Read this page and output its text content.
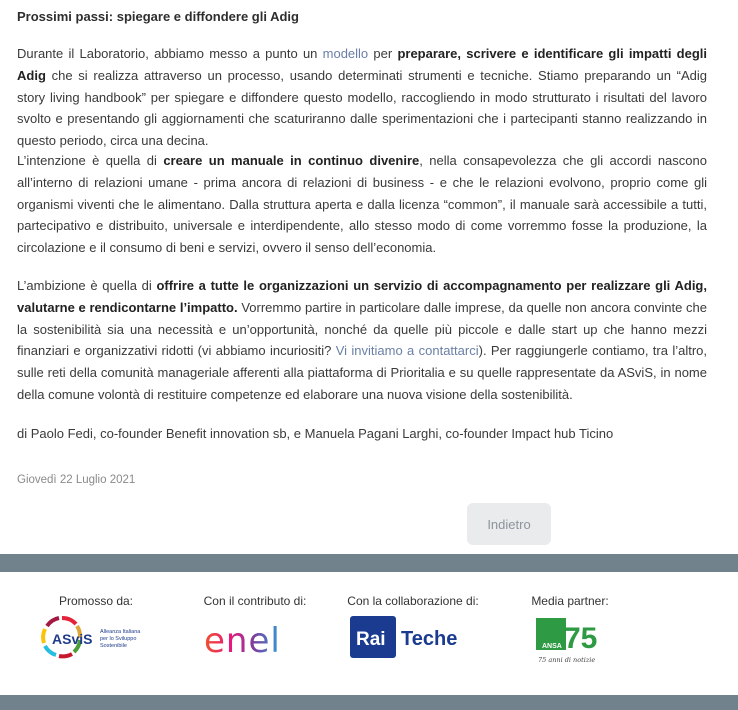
Prossimi passi: spiegare e diffondere gli Adig

Durante il Laboratorio, abbiamo messo a punto un modello per preparare, scrivere e identificare gli impatti degli Adig che si realizza attraverso un processo, usando determinati strumenti e tecniche. Stiamo preparando un “Adig story living handbook” per spiegare e diffondere questo modello, raccogliendo in modo strutturato i risultati del lavoro svolto e presentando gli aggiornamenti che scaturiranno dalle sperimentazioni che i partecipanti stanno realizzando in questo periodo, circa una decina.

L’intenzione è quella di creare un manuale in continuo divenire, nella consapevolezza che gli accordi nascono all’interno di relazioni umane - prima ancora di relazioni di business - e che le relazioni evolvono, proprio come gli organismi viventi che le alimentano. Dalla struttura aperta e dalla licenza “common”, il manuale sarà accessibile a tutti, partecipativo e distribuito, universale e interdipendente, allo stesso modo di come vorremmo fosse la produzione, la circolazione e il consumo di beni e servizi, ovvero il senso dell’economia.

L’ambizione è quella di offrire a tutte le organizzazioni un servizio di accompagnamento per realizzare gli Adig, valutarne e rendicontarne l’impatto. Vorremmo partire in particolare dalle imprese, da quelle non ancora convinte che la sostenibilità sia una necessità e un’opportunità, nonché da quelle più piccole e dalle start up che hanno mezzi finanziari e organizzativi ridotti (vi abbiamo incuriositi? Vi invitiamo a contattarci). Per raggiungerle contiamo, tra l’altro, sulle reti della comunità manageriale afferenti alla piattaforma di Prioritalia e su quelle rappresentate da ASviS, in nome della comune volontà di restituire competenze ed elaborare una nuova visione della sostenibilità.

di Paolo Fedi, co-founder Benefit innovation sb, e Manuela Pagani Larghi, co-founder Impact hub Ticino

Giovedì 22 Luglio 2021

Indietro
Promosso da:
ASviS Alleanza Italiana
per lo Sviluppo
Sostenibile
Con il contributo di:
enel
Con la collaborazione di:
Rai Teche
Media partner:
ANSA 75
75 anni di notizie
